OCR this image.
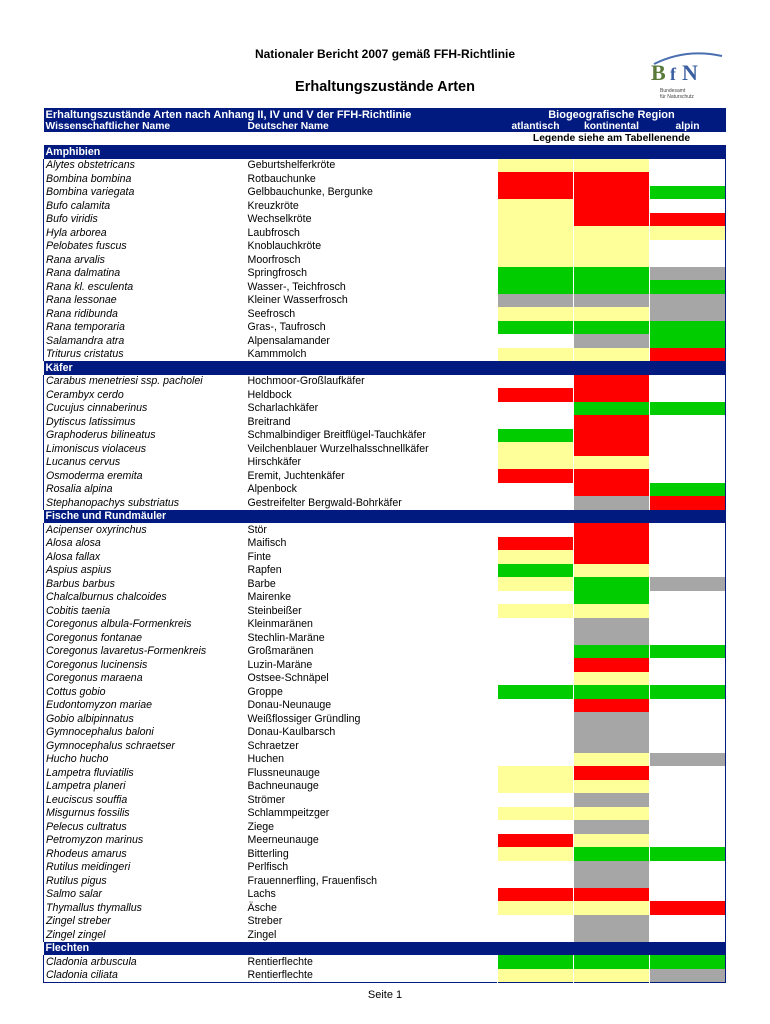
Nationaler Bericht 2007 gemäß FFH-Richtlinie
Erhaltungszustände Arten
B f N
Bundesamt
für Naturschutz
Erhaltungszustände Arten nach Anhang II, IV und V der FFH-Richtlinie		Biogeografische Region		
Wissenschaftlicher Name	Deutscher Name	atlantisch	kontinental	alpin
		Legende siehe am Tabellenende		
Amphibien				
Alytes obstetricans	Geburtshelferkröte			
Bombina bombina	Rotbauchunke			
Bombina variegata	Gelbbauchunke, Bergunke			
Bufo calamita	Kreuzkröte			
Bufo viridis	Wechselkröte			
Hyla arborea	Laubfrosch			
Pelobates fuscus	Knoblauchkröte			
Rana arvalis	Moorfrosch			
Rana dalmatina	Springfrosch			
Rana kl. esculenta	Wasser-, Teichfrosch			
Rana lessonae	Kleiner Wasserfrosch			
Rana ridibunda	Seefrosch			
Rana temporaria	Gras-, Taufrosch			
Salamandra atra	Alpensalamander			
Triturus cristatus	Kammmolch			
Käfer				
Carabus menetriesi ssp. pacholei	Hochmoor-Großlaufkäfer			
Cerambyx cerdo	Heldbock			
Cucujus cinnaberinus	Scharlachkäfer			
Dytiscus latissimus	Breitrand			
Graphoderus bilineatus	Schmalbindiger Breitflügel-Tauchkäfer			
Limoniscus violaceus	Veilchenblauer Wurzelhalsschnellkäfer			
Lucanus cervus	Hirschkäfer			
Osmoderma eremita	Eremit, Juchtenkäfer			
Rosalia alpina	Alpenbock			
Stephanopachys substriatus	Gestreifelter Bergwald-Bohrkäfer			
Fische und Rundmäuler				
Acipenser oxyrinchus	Stör			
Alosa alosa	Maifisch			
Alosa fallax	Finte			
Aspius aspius	Rapfen			
Barbus barbus	Barbe			
Chalcalburnus chalcoides	Mairenke			
Cobitis taenia	Steinbeißer			
Coregonus albula-Formenkreis	Kleinmaränen			
Coregonus fontanae	Stechlin-Maräne			
Coregonus lavaretus-Formenkreis	Großmaränen			
Coregonus lucinensis	Luzin-Maräne			
Coregonus maraena	Ostsee-Schnäpel			
Cottus gobio	Groppe			
Eudontomyzon mariae	Donau-Neunauge			
Gobio albipinnatus	Weißflossiger Gründling			
Gymnocephalus baloni	Donau-Kaulbarsch			
Gymnocephalus schraetser	Schraetzer			
Hucho hucho	Huchen			
Lampetra fluviatilis	Flussneunauge			
Lampetra planeri	Bachneunauge			
Leuciscus souffia	Strömer			
Misgurnus fossilis	Schlammpeitzger			
Pelecus cultratus	Ziege			
Petromyzon marinus	Meerneunauge			
Rhodeus amarus	Bitterling			
Rutilus meidingeri	Perlfisch			
Rutilus pigus	Frauennerfling, Frauenfisch			
Salmo salar	Lachs			
Thymallus thymallus	Äsche			
Zingel streber	Streber			
Zingel zingel	Zingel			
Flechten				
Cladonia arbuscula	Rentierflechte			
Cladonia ciliata	Rentierflechte			

Seite 1
